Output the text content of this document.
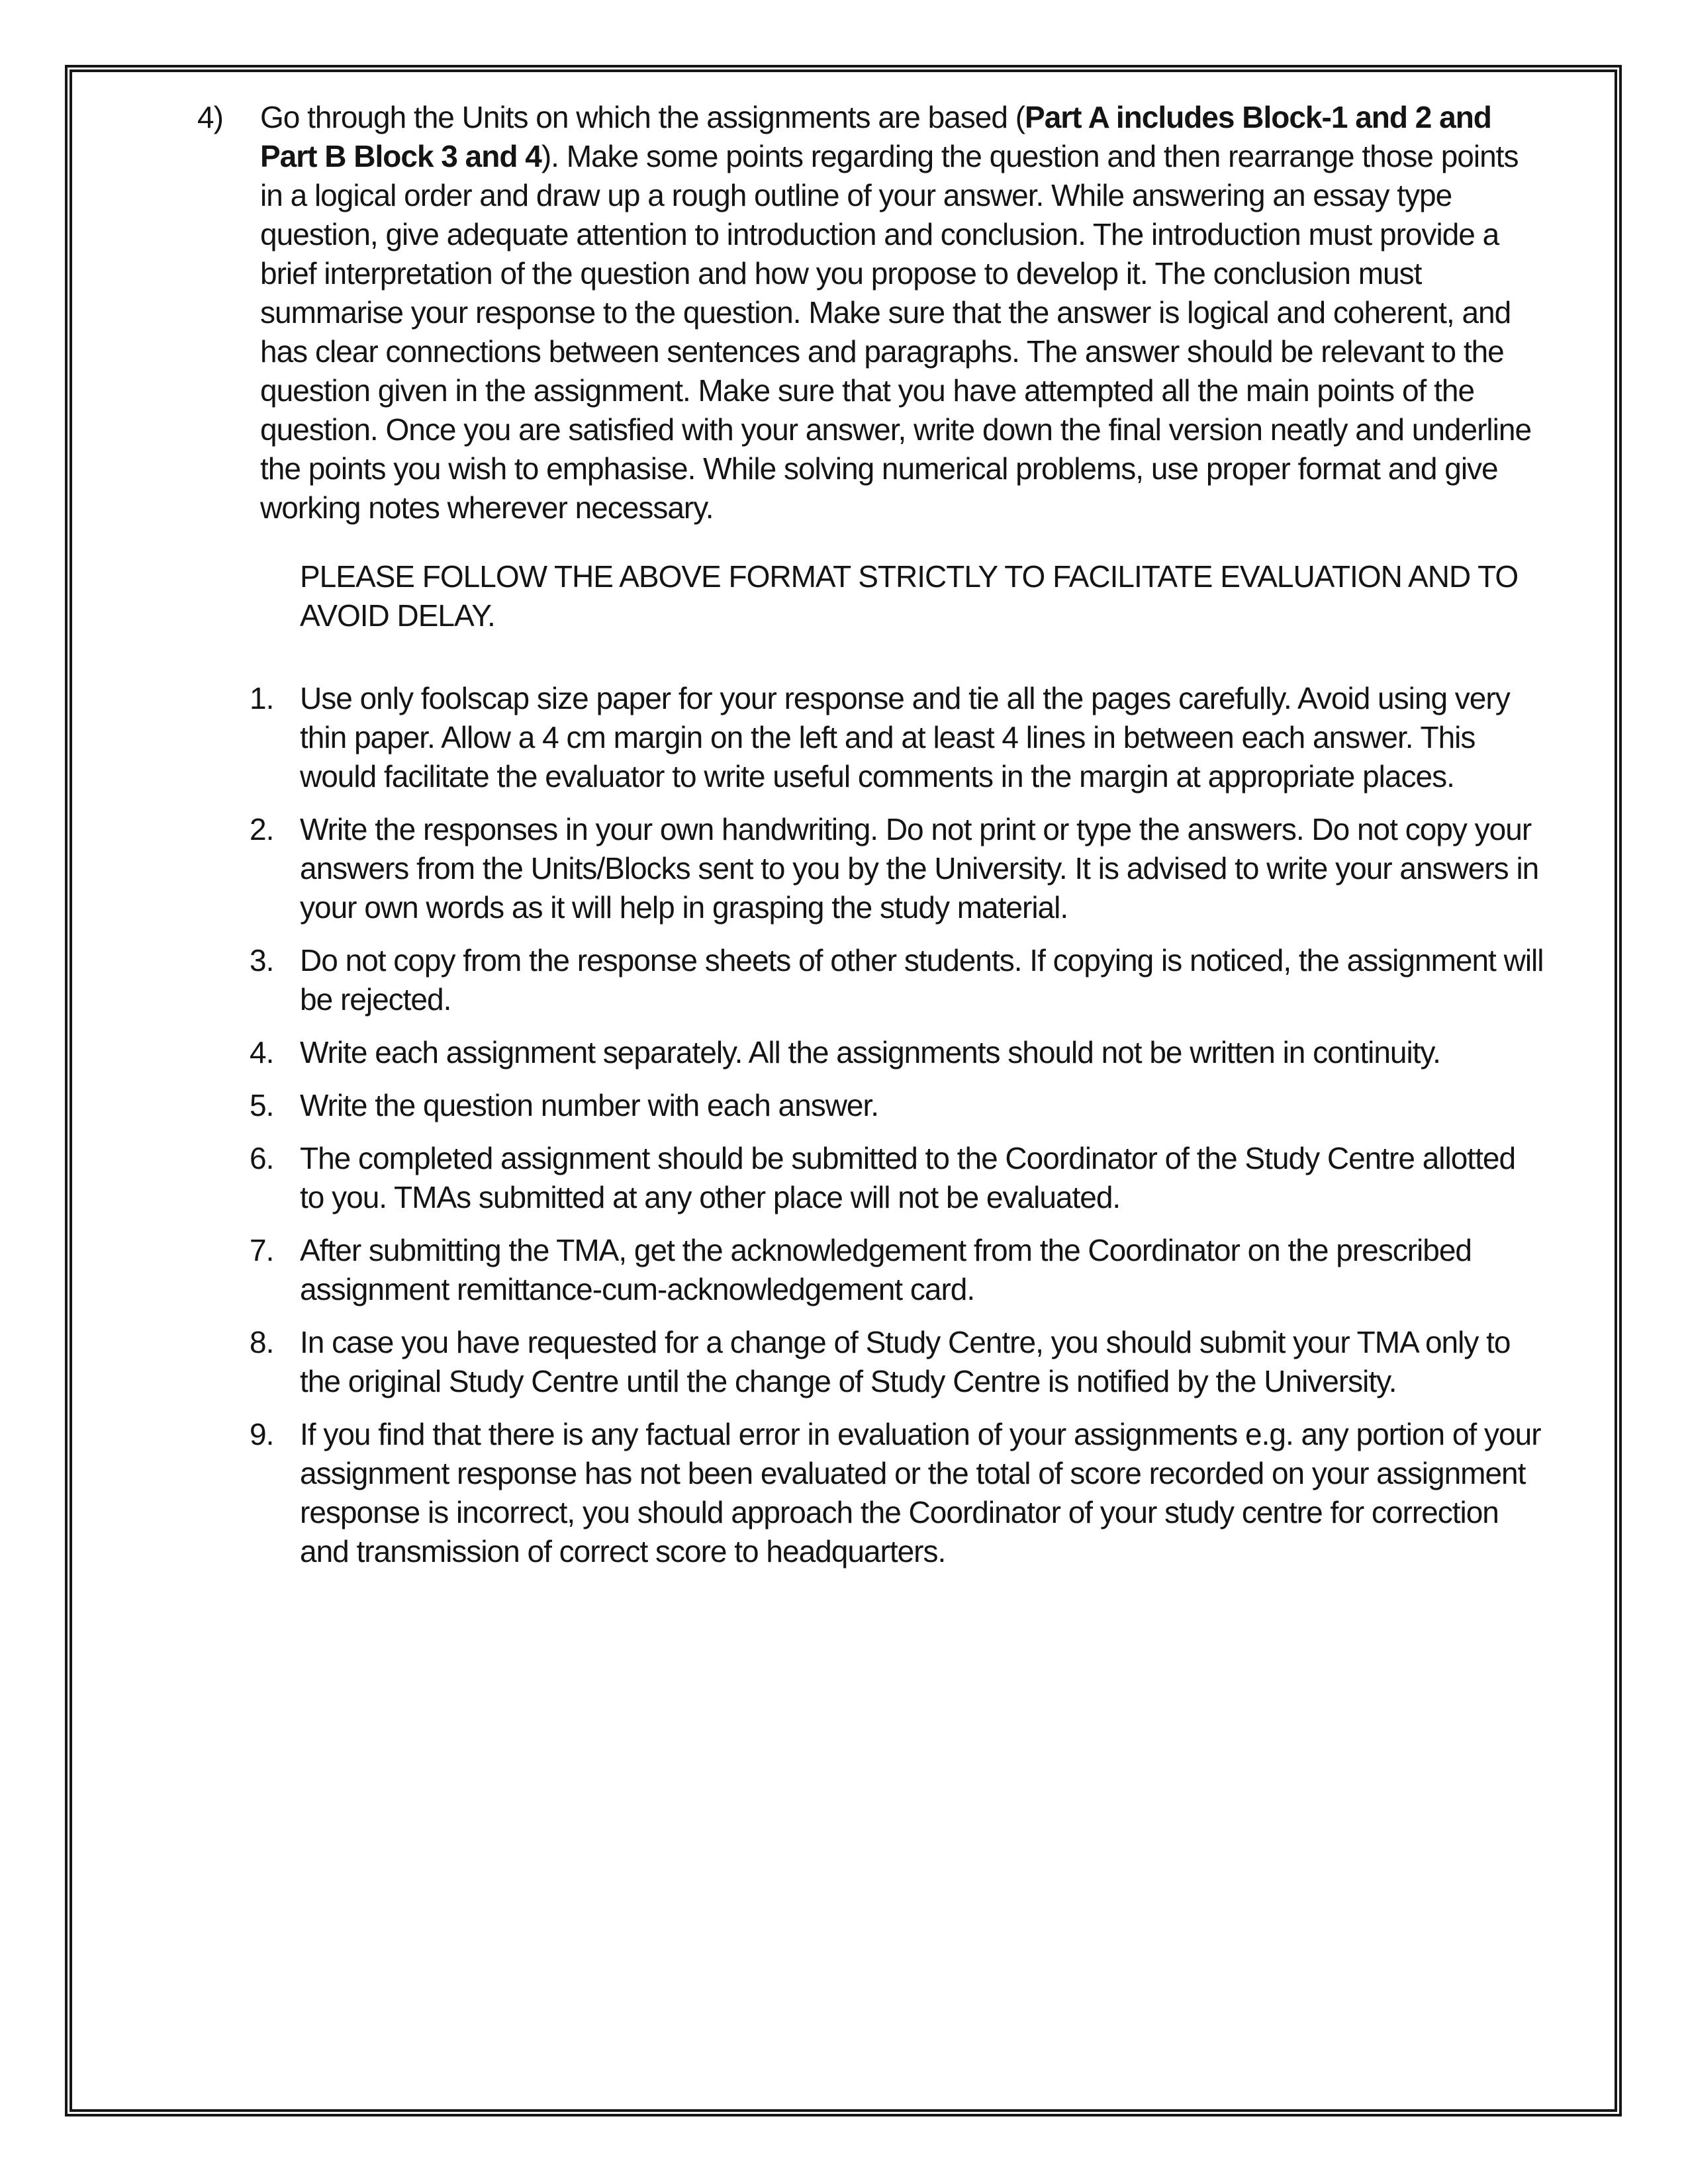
4)	Go through the Units on which the assignments are based (Part A includes Block-1 and 2 and
Part B Block 3 and 4). Make some points regarding the question and then rearrange those points
in a logical order and draw up a rough outline of your answer. While answering an essay type
question, give adequate attention to introduction and conclusion. The introduction must provide a
brief interpretation of the question and how you propose to develop it. The conclusion must
summarise your response to the question. Make sure that the answer is logical and coherent, and
has clear connections between sentences and paragraphs. The answer should be relevant to the
question given in the assignment. Make sure that you have attempted all the main points of the
question. Once you are satisfied with your answer, write down the final version neatly and underline
the points you wish to emphasise. While solving numerical problems, use proper format and give
working notes wherever necessary.
PLEASE FOLLOW THE ABOVE FORMAT STRICTLY TO FACILITATE EVALUATION AND TO
AVOID DELAY.
1. Use only foolscap size paper for your response and tie all the pages carefully. Avoid using very
thin paper. Allow a 4 cm margin on the left and at least 4 lines in between each answer. This
would facilitate the evaluator to write useful comments in the margin at appropriate places.
2. Write the responses in your own handwriting. Do not print or type the answers. Do not copy your
answers from the Units/Blocks sent to you by the University. It is advised to write your answers in
your own words as it will help in grasping the study material.
3. Do not copy from the response sheets of other students. If copying is noticed, the assignment will
be rejected.
4. Write each assignment separately. All the assignments should not be written in continuity.
5. Write the question number with each answer.
6. The completed assignment should be submitted to the Coordinator of the Study Centre allotted
to you. TMAs submitted at any other place will not be evaluated.
7. After submitting the TMA, get the acknowledgement from the Coordinator on the prescribed
assignment remittance-cum-acknowledgement card.
8. In case you have requested for a change of Study Centre, you should submit your TMA only to
the original Study Centre until the change of Study Centre is notified by the University.
9. If you find that there is any factual error in evaluation of your assignments e.g. any portion of your
assignment response has not been evaluated or the total of score recorded on your assignment
response is incorrect, you should approach the Coordinator of your study centre for correction
and transmission of correct score to headquarters.
